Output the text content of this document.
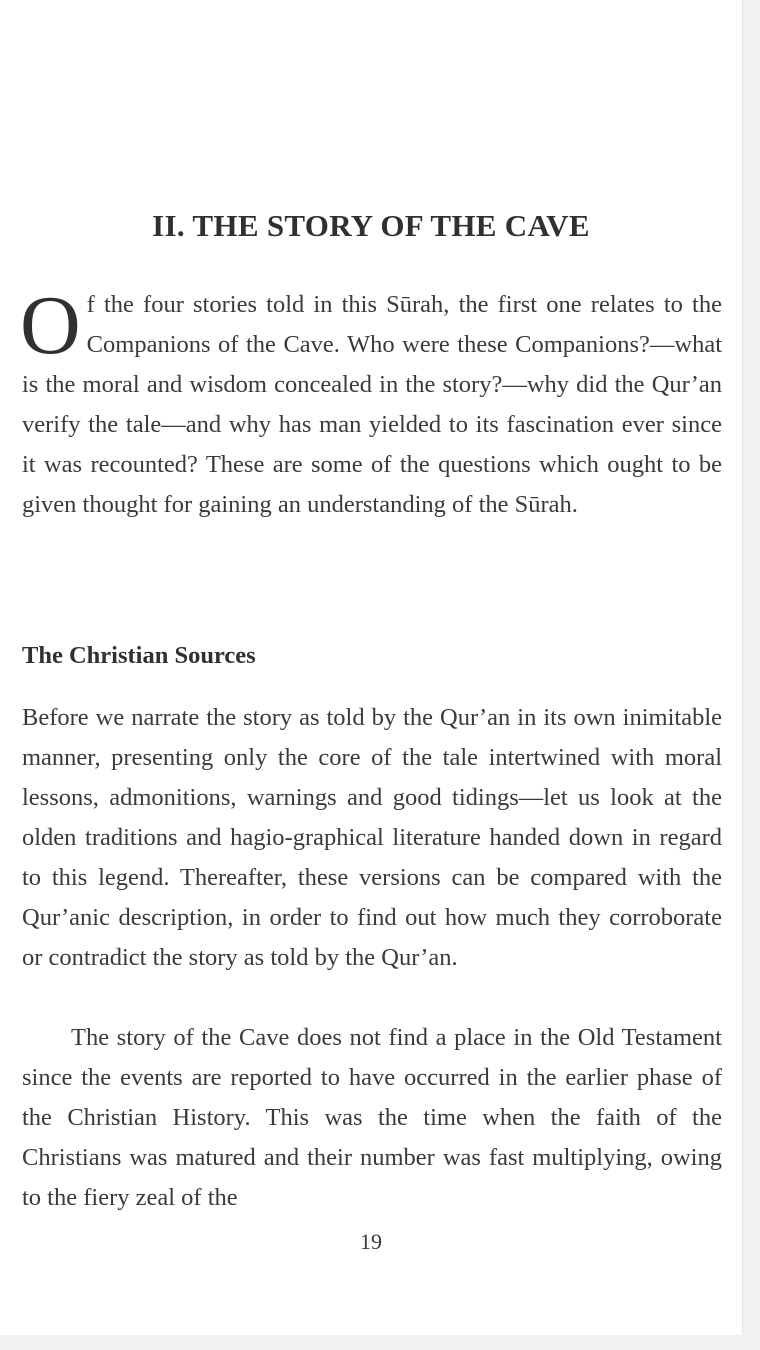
II. THE STORY OF THE CAVE

Of the four stories told in this Sūrah, the first one relates to the Companions of the Cave. Who were these Companions?—what is the moral and wisdom concealed in the story?—why did the Qur’an verify the tale—and why has man yielded to its fascination ever since it was recounted? These are some of the questions which ought to be given thought for gaining an understanding of the Sūrah.

The Christian Sources

Before we narrate the story as told by the Qur’an in its own inimitable manner, presenting only the core of the tale intertwined with moral lessons, admonitions, warnings and good tidings—let us look at the olden traditions and hagio-graphical literature handed down in regard to this legend. Thereafter, these versions can be compared with the Qur’anic description, in order to find out how much they corroborate or contradict the story as told by the Qur’an.

The story of the Cave does not find a place in the Old Testament since the events are reported to have occurred in the earlier phase of the Christian History. This was the time when the faith of the Christians was matured and their number was fast multiplying, owing to the fiery zeal of the

19
